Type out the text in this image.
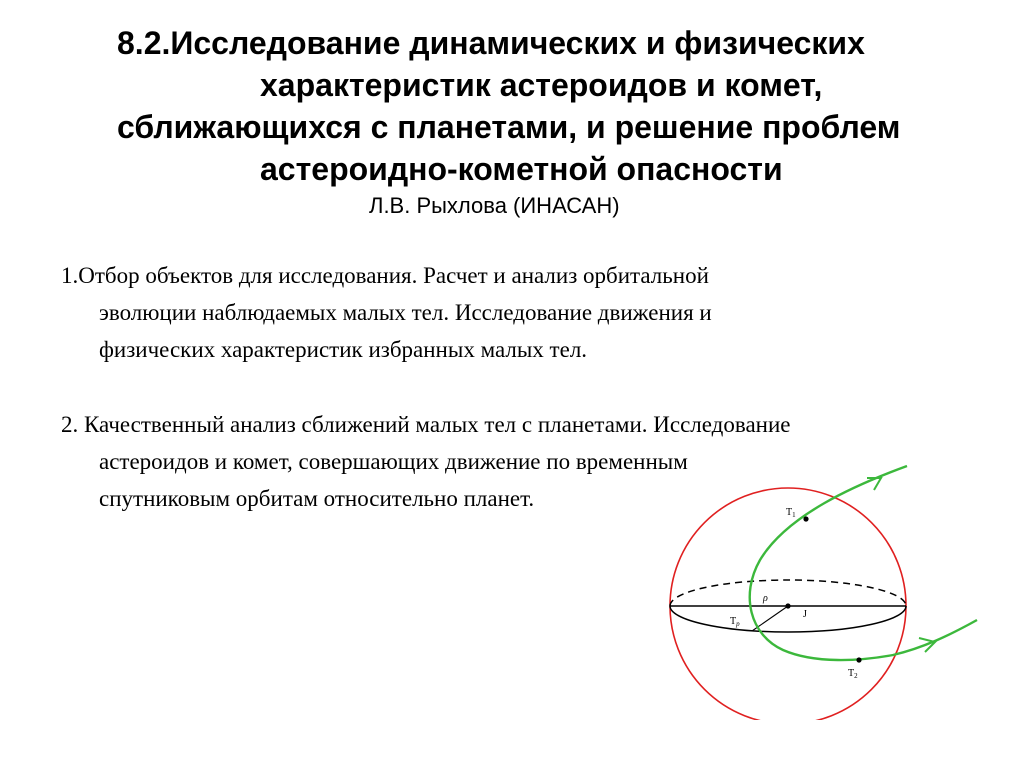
8.2.Исследование динамических и физических
характеристик астероидов и комет,
сближающихся с планетами, и решение проблем
астероидно-кометной опасности
Л.В. Рыхлова (ИНАСАН)
1.Отбор объектов для исследования. Расчет и анализ орбитальной
эволюции наблюдаемых малых тел. Исследование движения и
физических характеристик избранных малых тел.
2. Качественный анализ сближений малых тел с планетами. Исследование
астероидов и комет, совершающих движение по временным
спутниковым орбитам относительно планет.
$T_1$
ρ
J
$T_p$
$T_2$
